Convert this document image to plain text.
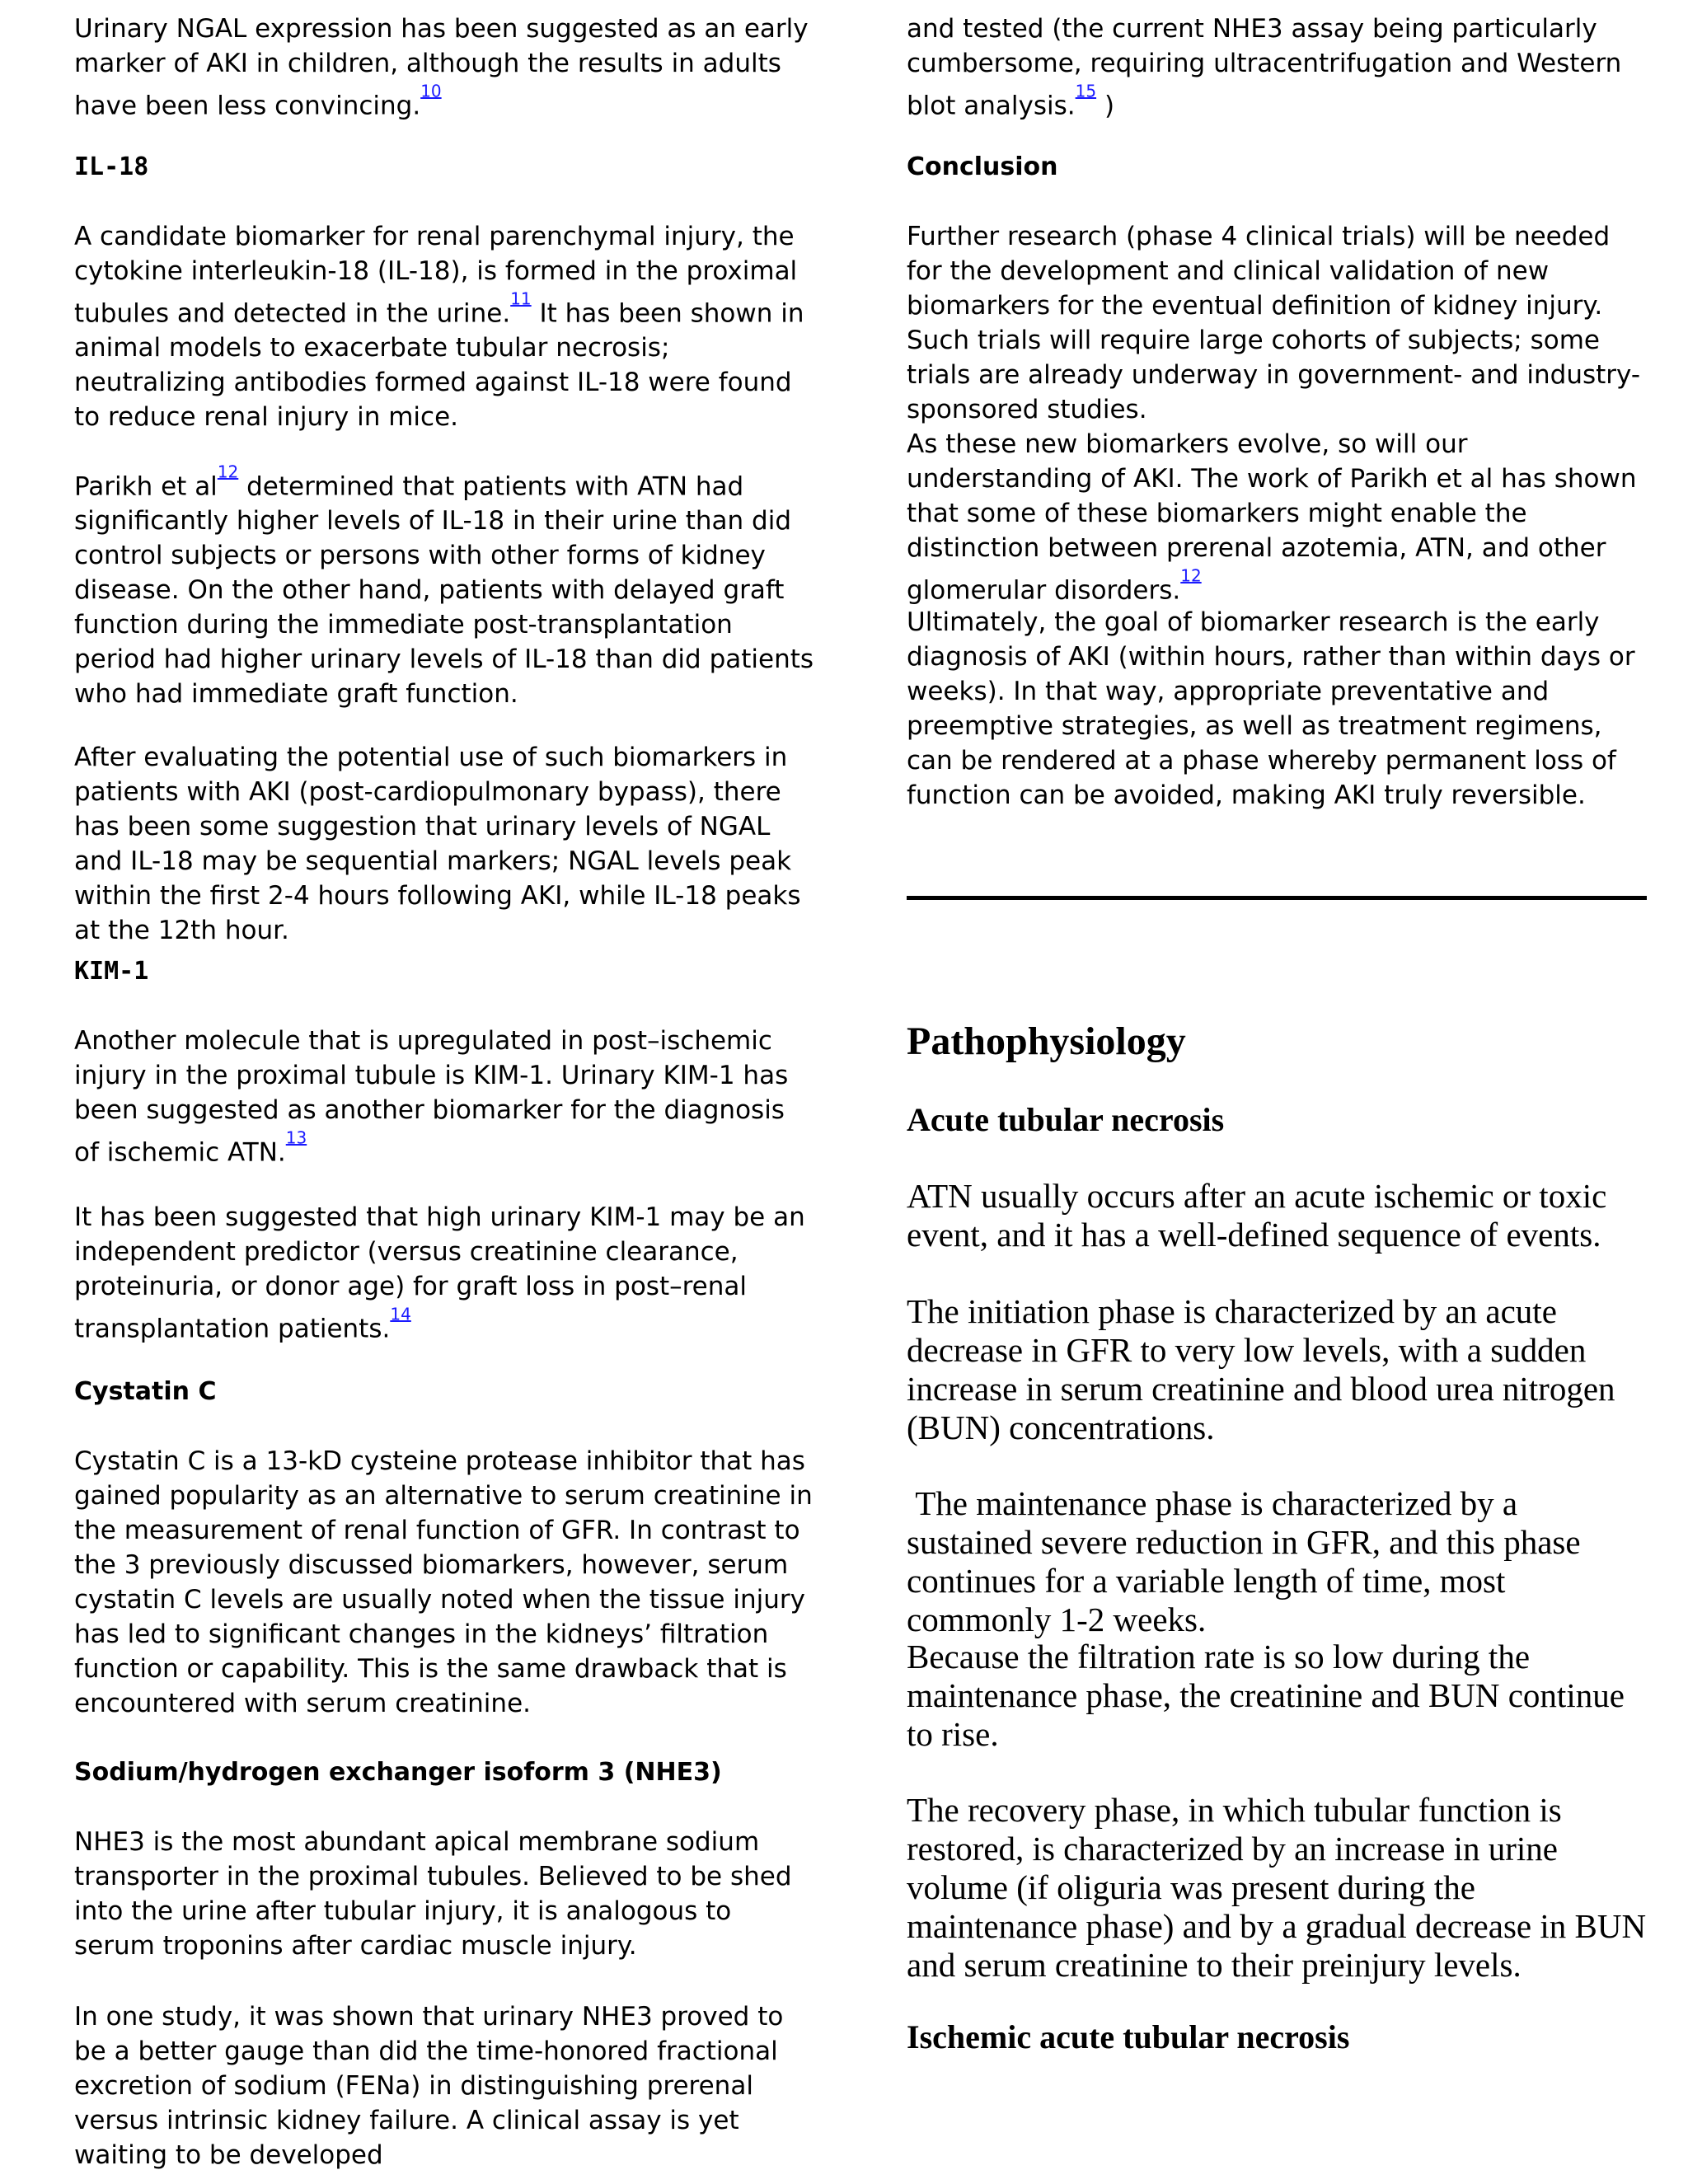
Urinary NGAL expression has been suggested as an early marker of AKI in children, although the results in adults have been less convincing.$^{^{10}}$

IL-18

A candidate biomarker for renal parenchymal injury, the cytokine interleukin-18 (IL-18), is formed in the proximal tubules and detected in the urine.$^{^{11}}$ It has been shown in animal models to exacerbate tubular necrosis; neutralizing antibodies formed against IL-18 were found to reduce renal injury in mice.

Parikh et al$^{^{12}}$ determined that patients with ATN had significantly higher levels of IL-18 in their urine than did control subjects or persons with other forms of kidney disease. On the other hand, patients with delayed graft function during the immediate post-transplantation period had higher urinary levels of IL-18 than did patients who had immediate graft function.

After evaluating the potential use of such biomarkers in patients with AKI (post-cardiopulmonary bypass), there has been some suggestion that urinary levels of NGAL and IL-18 may be sequential markers; NGAL levels peak within the first 2-4 hours following AKI, while IL-18 peaks at the 12th hour.

KIM-1

Another molecule that is upregulated in post–ischemic injury in the proximal tubule is KIM-1. Urinary KIM-1 has been suggested as another biomarker for the diagnosis of ischemic ATN.$^{^{13}}$

It has been suggested that high urinary KIM-1 may be an independent predictor (versus creatinine clearance, proteinuria, or donor age) for graft loss in post–renal transplantation patients.$^{^{14}}$

Cystatin C

Cystatin C is a 13-kD cysteine protease inhibitor that has gained popularity as an alternative to serum creatinine in the measurement of renal function of GFR. In contrast to the 3 previously discussed biomarkers, however, serum cystatin C levels are usually noted when the tissue injury has led to significant changes in the kidneys’ filtration function or capability. This is the same drawback that is encountered with serum creatinine.

Sodium/hydrogen exchanger isoform 3 (NHE3)

NHE3 is the most abundant apical membrane sodium transporter in the proximal tubules. Believed to be shed into the urine after tubular injury, it is analogous to serum troponins after cardiac muscle injury.

In one study, it was shown that urinary NHE3 proved to be a better gauge than did the time-honored fractional excretion of sodium (FENa) in distinguishing prerenal versus intrinsic kidney failure. A clinical assay is yet waiting to be developed

and tested (the current NHE3 assay being particularly cumbersome, requiring ultracentrifugation and Western blot analysis.$^{^{15}}$ )

Conclusion

Further research (phase 4 clinical trials) will be needed for the development and clinical validation of new biomarkers for the eventual definition of kidney injury. Such trials will require large cohorts of subjects; some trials are already underway in government- and industry- sponsored studies.

As these new biomarkers evolve, so will our understanding of AKI. The work of Parikh et al has shown that some of these biomarkers might enable the distinction between prerenal azotemia, ATN, and other glomerular disorders.$^{^{12}}$

Ultimately, the goal of biomarker research is the early diagnosis of AKI (within hours, rather than within days or weeks). In that way, appropriate preventative and preemptive strategies, as well as treatment regimens, can be rendered at a phase whereby permanent loss of function can be avoided, making AKI truly reversible.

Pathophysiology
Acute tubular necrosis

ATN usually occurs after an acute ischemic or toxic event, and it has a well-defined sequence of events.

The initiation phase is characterized by an acute decrease in GFR to very low levels, with a sudden increase in serum creatinine and blood urea nitrogen (BUN) concentrations.

The maintenance phase is characterized by a sustained severe reduction in GFR, and this phase continues for a variable length of time, most commonly 1-2 weeks.

Because the filtration rate is so low during the maintenance phase, the creatinine and BUN continue to rise.

The recovery phase, in which tubular function is restored, is characterized by an increase in urine volume (if oliguria was present during the maintenance phase) and by a gradual decrease in BUN and serum creatinine to their preinjury levels.

Ischemic acute tubular necrosis
